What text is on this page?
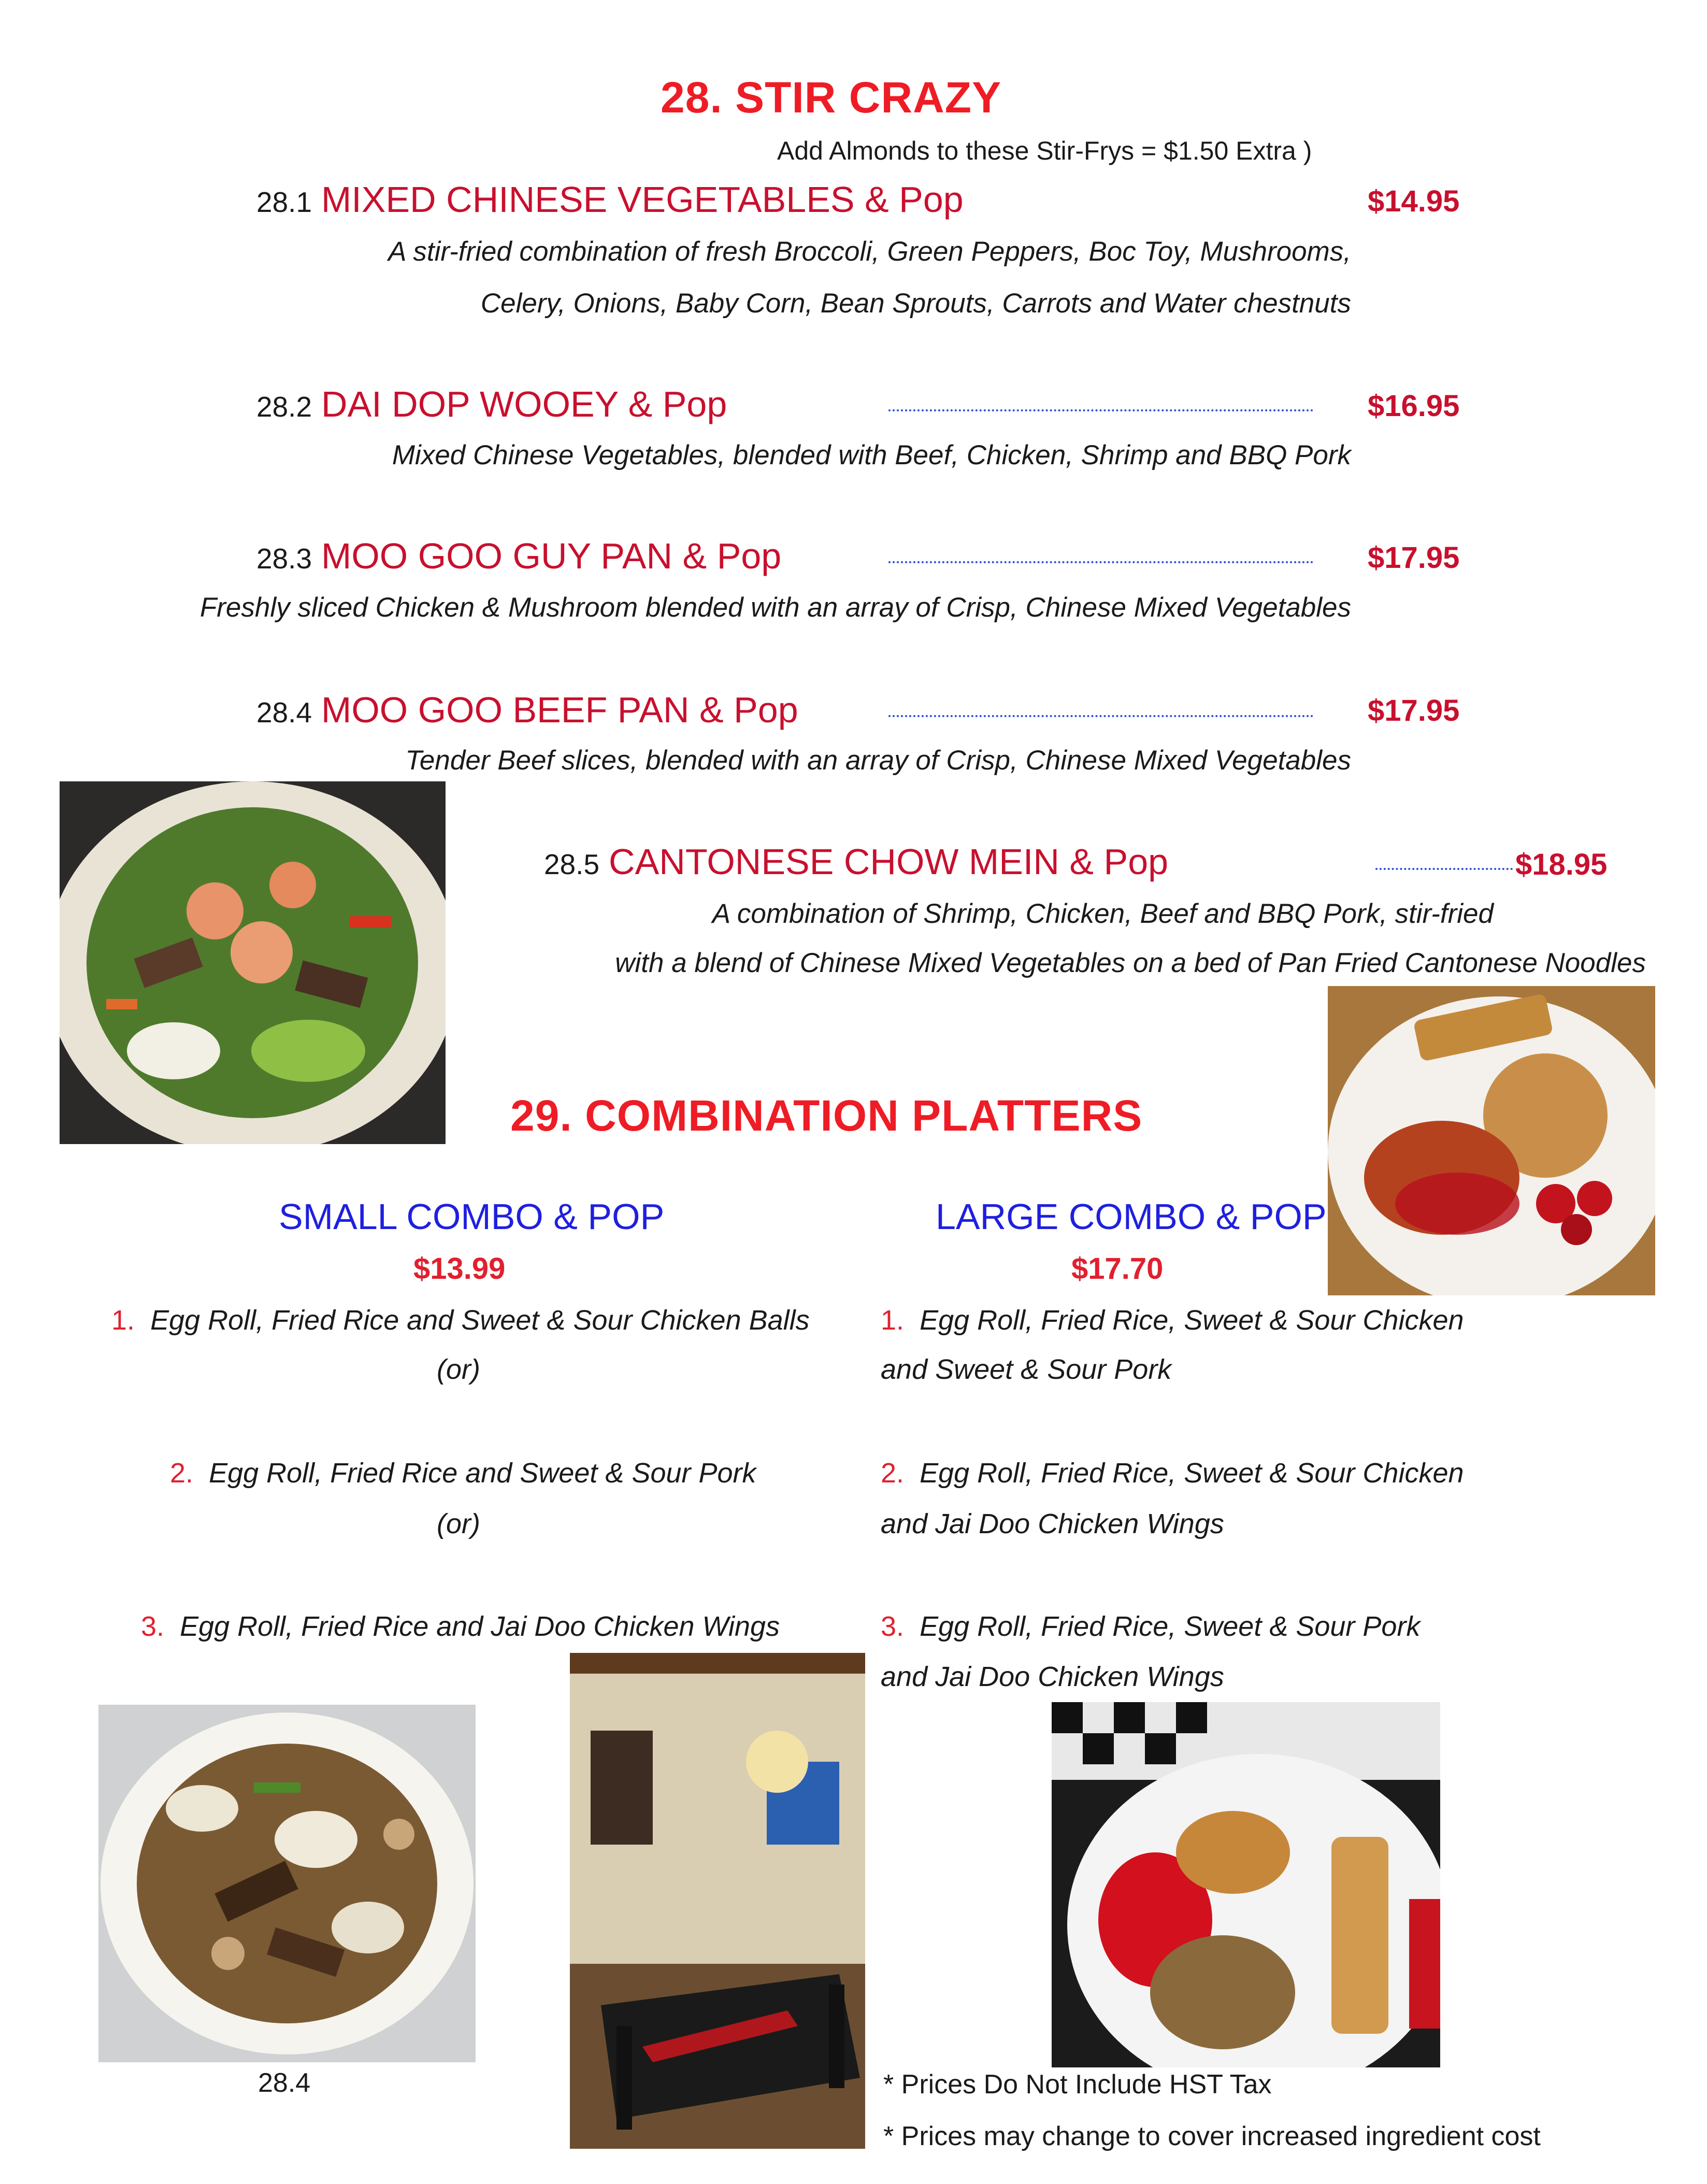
28. STIR CRAZY
Add Almonds to these Stir-Frys = $1.50 Extra )
28.1 MIXED CHINESE VEGETABLES & Pop	$14.95
A stir-fried combination of fresh Broccoli, Green Peppers, Boc Toy, Mushrooms,
Celery, Onions, Baby Corn, Bean Sprouts, Carrots and Water chestnuts
28.2 DAI DOP WOOEY & Pop	$16.95
Mixed Chinese Vegetables, blended with Beef, Chicken, Shrimp and BBQ Pork
28.3 MOO GOO GUY PAN & Pop	$17.95
Freshly sliced Chicken & Mushroom blended with an array of Crisp, Chinese Mixed Vegetables
28.4 MOO GOO BEEF PAN & Pop	$17.95
Tender Beef slices, blended with an array of Crisp, Chinese Mixed Vegetables
28.5 CANTONESE CHOW MEIN & Pop	$18.95
A combination of Shrimp, Chicken, Beef and BBQ Pork, stir-fried
with a blend of Chinese Mixed Vegetables on a bed of Pan Fried Cantonese Noodles
29. COMBINATION PLATTERS
SMALL COMBO & POP
$13.99
1. Egg Roll, Fried Rice and Sweet & Sour Chicken Balls
(or)
2. Egg Roll, Fried Rice and Sweet & Sour Pork
(or)
3. Egg Roll, Fried Rice and Jai Doo Chicken Wings
LARGE COMBO & POP
$17.70
1. Egg Roll, Fried Rice, Sweet & Sour Chicken
and Sweet & Sour Pork
2. Egg Roll, Fried Rice, Sweet & Sour Chicken
and Jai Doo Chicken Wings
3. Egg Roll, Fried Rice, Sweet & Sour Pork
and Jai Doo Chicken Wings
28.4	* Prices Do Not Include HST Tax
* Prices may change to cover increased ingredient cost
